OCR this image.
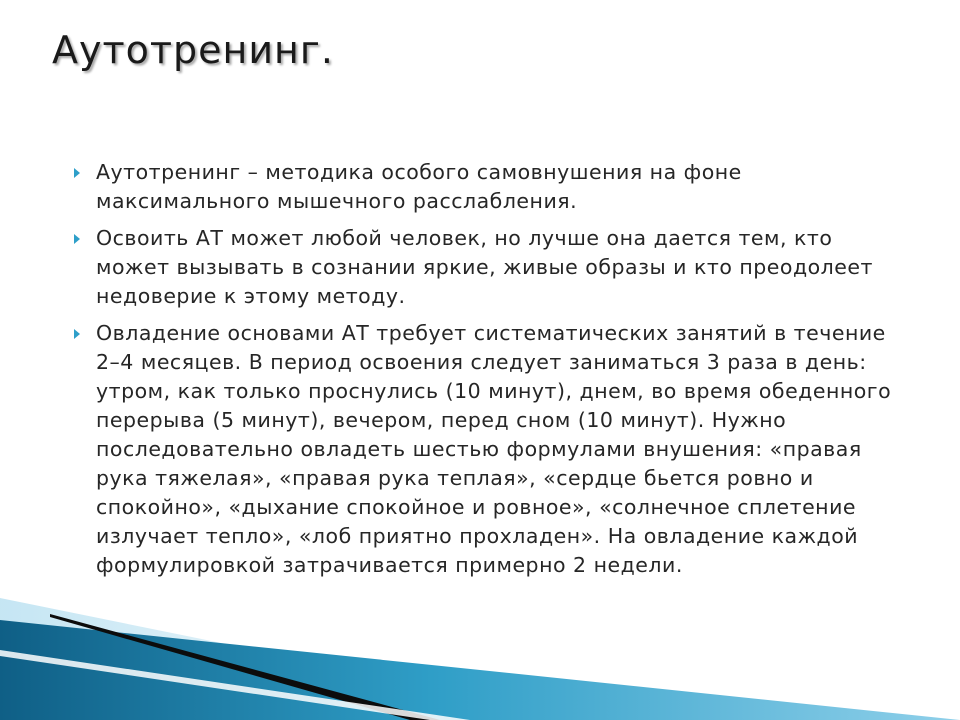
Аутотренинг.
Аутотренинг – методика особого самовнушения на фоне максимального мышечного расслабления.
Освоить АТ может любой человек, но лучше она дается тем, кто может вызывать в сознании яркие, живые образы и кто преодолеет недоверие к этому методу.
Овладение основами АТ требует систематических занятий в течение 2–4 месяцев. В период освоения следует заниматься 3 раза в день: утром, как только проснулись (10 минут), днем, во время обеденного перерыва (5 минут), вечером, перед сном (10 минут). Нужно последовательно овладеть шестью формулами внушения: «правая рука тяжелая», «правая рука теплая», «сердце бьется ровно и спокойно», «дыхание спокойное и ровное», «солнечное сплетение излучает тепло», «лоб приятно прохладен». На овладение каждой формулировкой затрачивается примерно 2 недели.
